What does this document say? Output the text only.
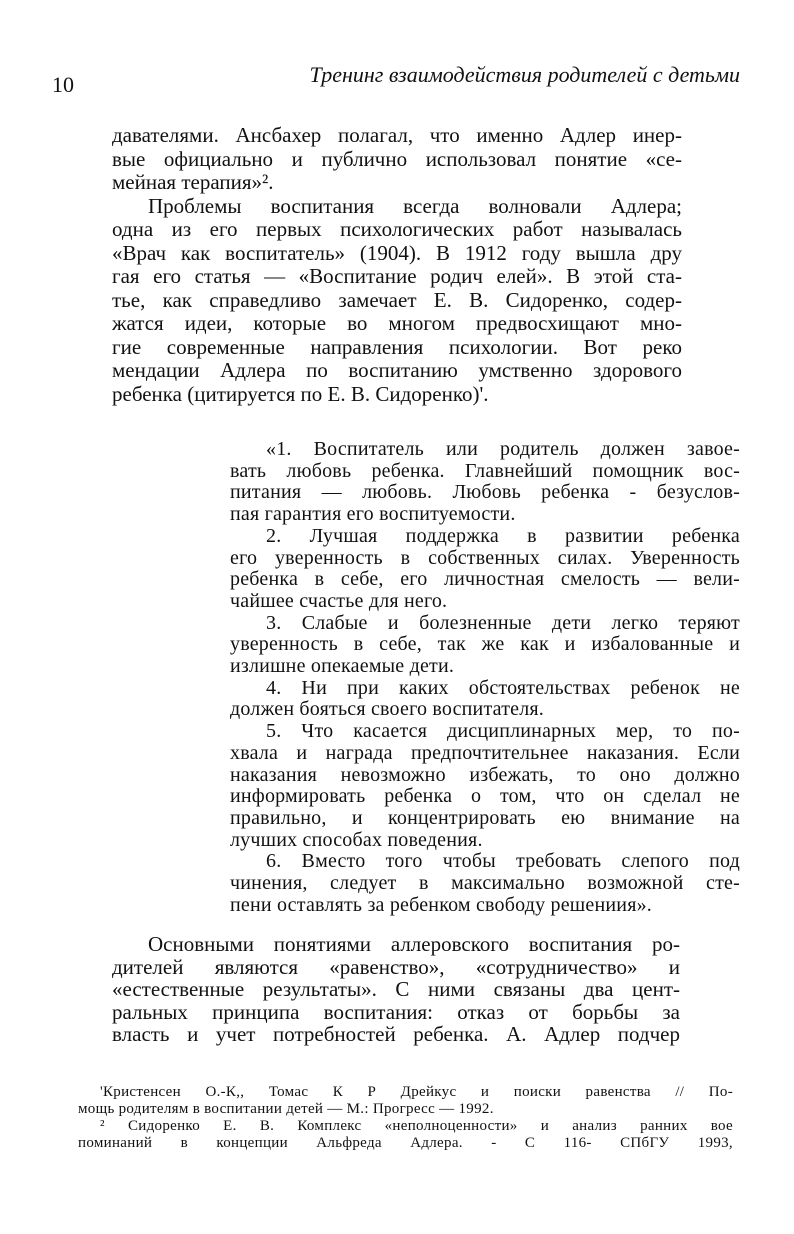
10	Тренинг взаимодействия родителей с детьми
давателями. Ансбахер полагал, что именно Адлер инер-
вые официально и публично использовал понятие «се-
мейная терапия»².
Проблемы воспитания всегда волновали Адлера;
одна из его первых психологических работ называлась
«Врач как воспитатель» (1904). В 1912 году вышла дру
гая его статья — «Воспитание родич елей». В этой ста-
тье, как справедливо замечает Е. В. Сидоренко, содер-
жатся идеи, которые во многом предвосхищают мно-
гие современные направления психологии. Вот реко
мендации Адлера по воспитанию умственно здорового
ребенка (цитируется по Е. В. Сидоренко)'.
«1. Воспитатель или родитель должен завое-
вать любовь ребенка. Главнейший помощник вос-
питания — любовь. Любовь ребенка - безуслов-
пая гарантия его воспитуемости.
2. Лучшая поддержка в развитии ребенка
его уверенность в собственных силах. Уверенность
ребенка в себе, его личностная смелость — вели-
чайшее счастье для него.
3. Слабые и болезненные дети легко теряют
уверенность в себе, так же как и избалованные и
излишне опекаемые дети.
4. Ни при каких обстоятельствах ребенок не
должен бояться своего воспитателя.
5. Что касается дисциплинарных мер, то по-
хвала и награда предпочтительнее наказания. Если
наказания невозможно избежать, то оно должно
информировать ребенка о том, что он сделал не
правильно, и концентрировать ею внимание на
лучших способах поведения.
6. Вместо того чтобы требовать слепого под
чинения, следует в максимально возможной сте-
пени оставлять за ребенком свободу решениия».
Основными понятиями аллеровского воспитания ро-
дителей являются «равенство», «сотрудничество» и
«естественные результаты». С ними связаны два цент-
ральных принципа воспитания: отказ от борьбы за
власть и учет потребностей ребенка. А. Адлер подчер
'Кристенсен О.-К,, Томас К Р Дрейкус и поиски равенства // По-
мощь родителям в воспитании детей — М.: Прогресс — 1992.
² Сидоренко Е. В. Комплекс «неполноценности» и анализ ранних вое
поминаний в концепции Альфреда Адлера. - С 116- СПбГУ 1993,
